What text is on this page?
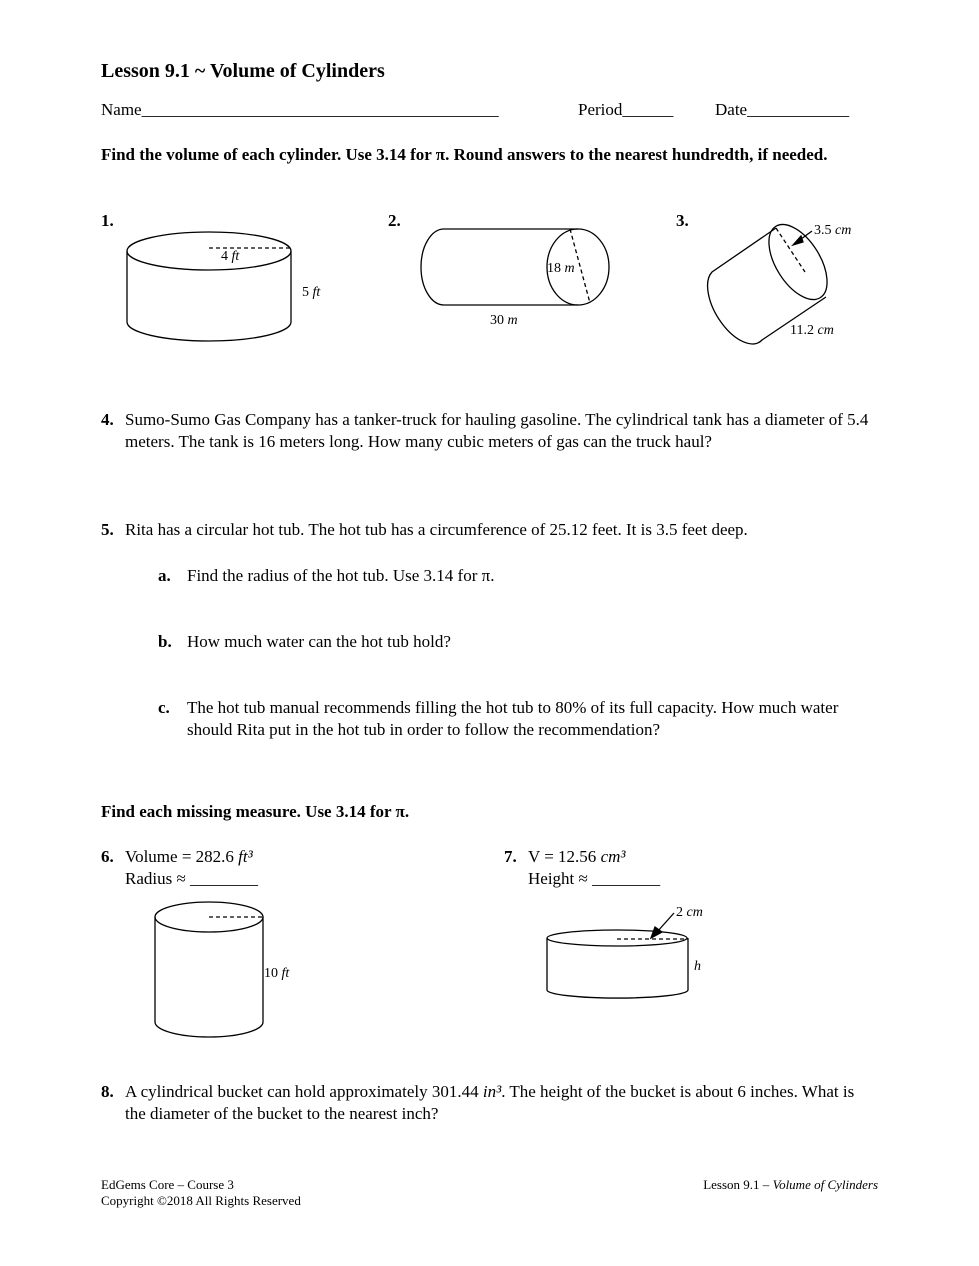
Lesson 9.1 ~ Volume of Cylinders
Name__________________________________________	Period______ Date____________
Find the volume of each cylinder. Use 3.14 for π. Round answers to the nearest hundredth, if needed.
1.	2.	3.
4 ft
5 ft
18 m
30 m
3.5 cm
11.2 cm
4. Sumo-Sumo Gas Company has a tanker-truck for hauling gasoline. The cylindrical tank has a diameter of 5.4 meters. The tank is 16 meters long. How many cubic meters of gas can the truck haul?
5. Rita has a circular hot tub. The hot tub has a circumference of 25.12 feet. It is 3.5 feet deep.
a. Find the radius of the hot tub. Use 3.14 for π.
b. How much water can the hot tub hold?
c. The hot tub manual recommends filling the hot tub to 80% of its full capacity. How much water should Rita put in the hot tub in order to follow the recommendation?
Find each missing measure. Use 3.14 for π.
6. Volume = 282.6 ft³
Radius ≈ ________
10 ft
7. V = 12.56 cm³
Height ≈ ________
2 cm
h
8. A cylindrical bucket can hold approximately 301.44 in³. The height of the bucket is about 6 inches. What is the diameter of the bucket to the nearest inch?
EdGems Core – Course 3
Copyright ©2018 All Rights Reserved
Lesson 9.1 – Volume of Cylinders
